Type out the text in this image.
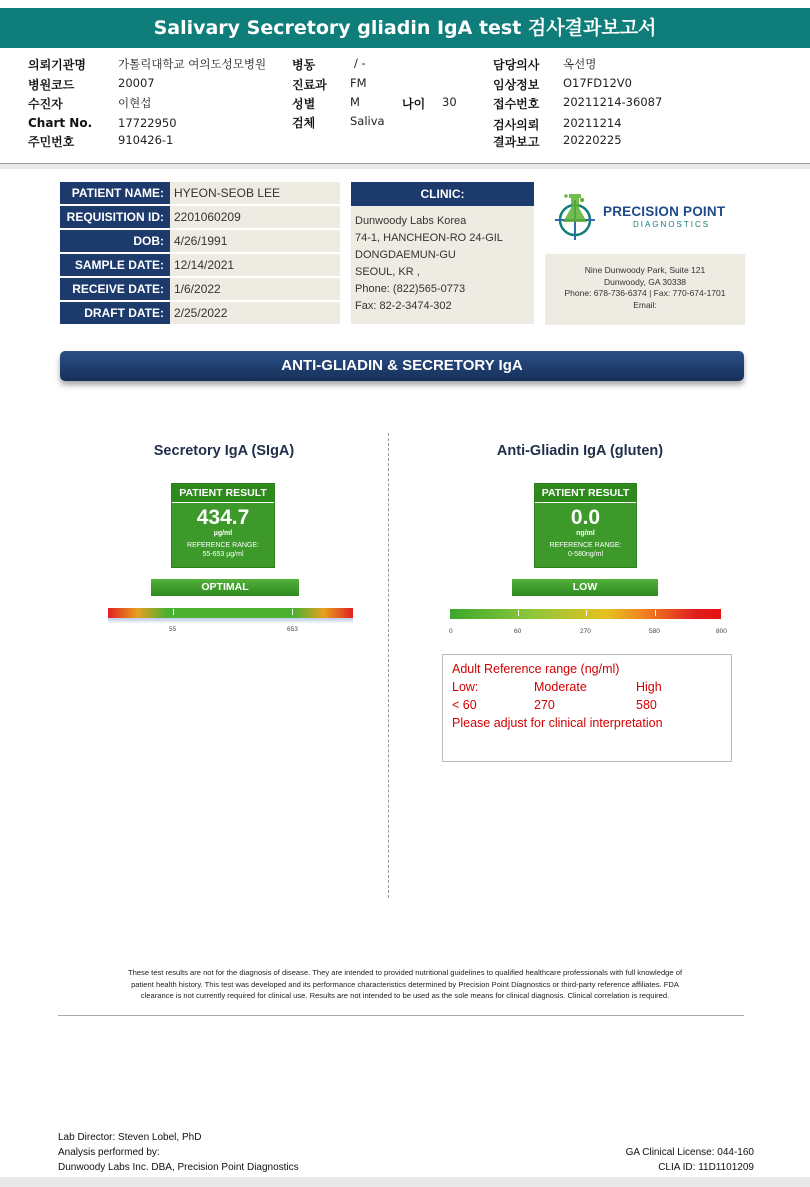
Salivary Secretory gliadin IgA test 검사결과보고서
의뢰기관명	가톨릭대학교 여의도성모병원
병원코드	20007
수진자	이현섭
Chart No. 17722950
주민번호	910426-1
병동	/ -
진료과 FM
성별	M
검체	Saliva
나이 30
담당의사 옥선명
임상정보 O17FD12V0
접수번호 20211214-36087
검사의뢰 20211214
결과보고 20220225
PATIENT NAME: HYEON-SEOB LEE
REQUISITION ID: 2201060209
DOB: 4/26/1991
SAMPLE DATE: 12/14/2021
RECEIVE DATE: 1/6/2022
DRAFT DATE: 2/25/2022
CLINIC:
Dunwoody Labs Korea
74-1, HANCHEON-RO 24-GIL
DONGDAEMUN-GU
SEOUL, KR ,
Phone: (822)565-0773
Fax: 82-2-3474-302
PRECISION POINT
DIAGNOSTICS
Nine Dunwoody Park, Suite 121
Dunwoody, GA 30338
Phone: 678-736-6374 | Fax: 770-674-1701
Email:
ANTI-GLIADIN & SECRETORY IgA
Secretory IgA (SIgA)
PATIENT RESULT
434.7
µg/ml
REFERENCE RANGE:
55-653 µg/ml
OPTIMAL
55	653
Anti-Gliadin IgA (gluten)
PATIENT RESULT
0.0
ng/ml
REFERENCE RANGE:
0-580ng/ml
LOW
0	60	270	580	800
Adult Reference range (ng/ml)
Low:	Moderate	High
< 60	270	580
Please adjust for clinical interpretation
These test results are not for the diagnosis of disease. They are intended to provided nutritional guidelines to qualified healthcare professionals with full knowledge of
patient health history. This test was developed and its performance characteristics determined by Precision Point Diagnostics or third-party reference affiliates. FDA
clearance is not currently required for clinical use. Results are not intended to be used as the sole means for clinical diagnosis. Clinical correlation is required.
Lab Director: Steven Lobel, PhD
Analysis performed by:
Dunwoody Labs Inc. DBA, Precision Point Diagnostics
GA Clinical License: 044-160
CLIA ID: 11D1101209
